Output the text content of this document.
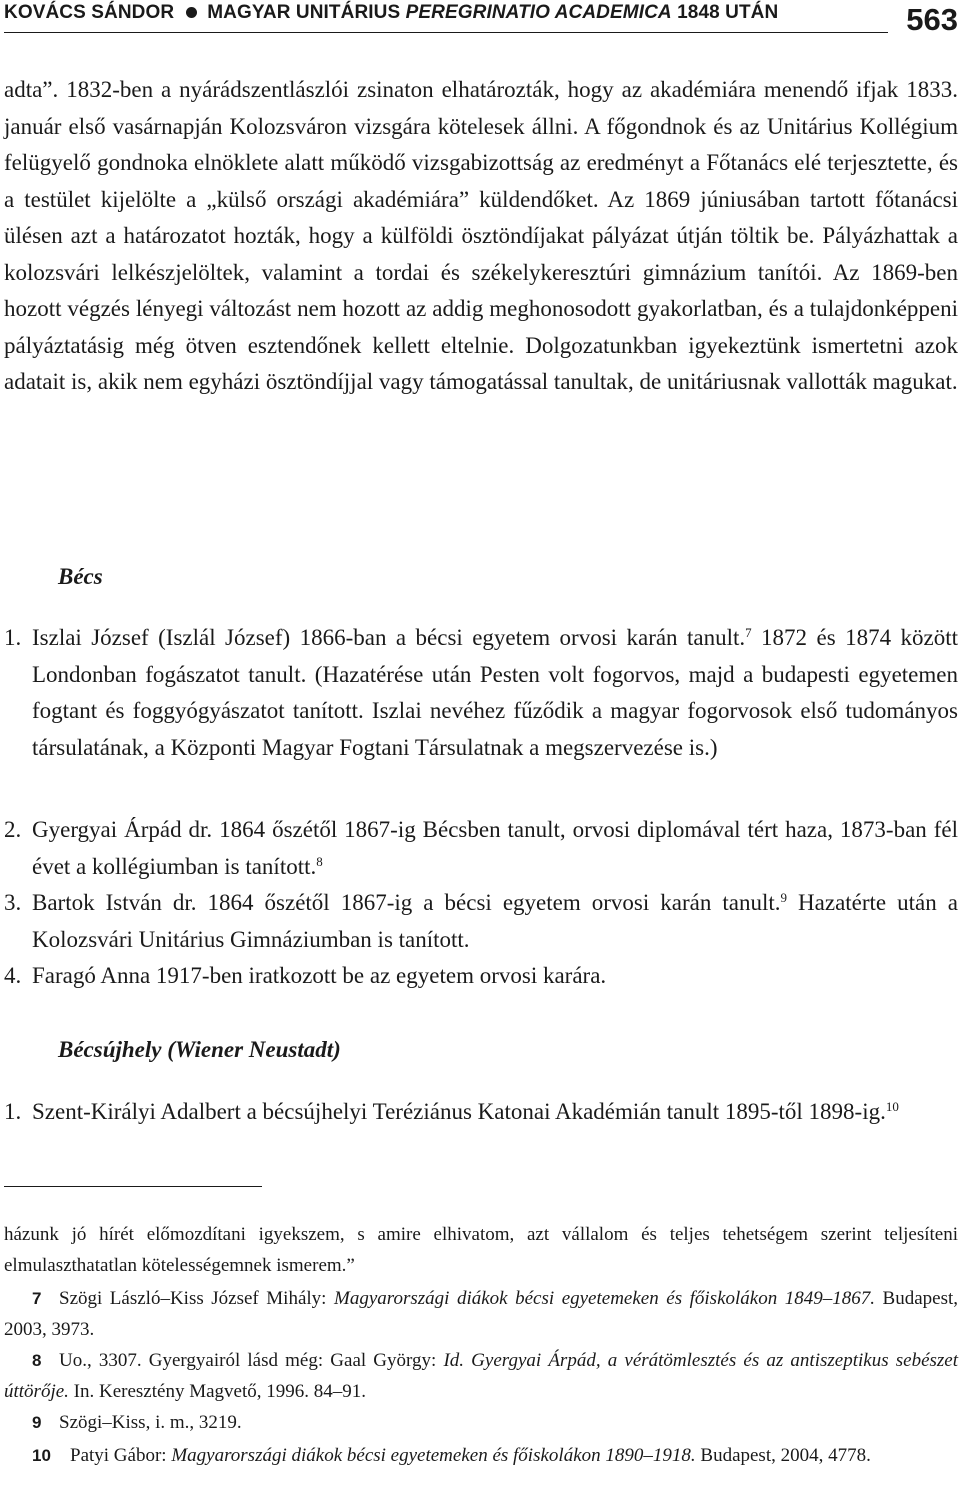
KOVÁCS SÁNDOR MAGYAR UNITÁRIUS PEREGRINATIO ACADEMICA 1848 UTÁN	563

adta”. 1832-ben a nyárádszentlászlói zsinaton elhatározták, hogy az akadémiára menendő ifjak 1833. január első vasárnapján Kolozsváron vizsgára kötelesek állni. A főgondnok és az Unitárius Kollégium felügyelő gondnoka elnöklete alatt működő vizsgabizottság az eredményt a Főtanács elé terjesztette, és a testület kijelölte a „külső országi akadémiára” küldendőket. Az 1869 júniusában tartott főtanácsi ülésen azt a határozatot hozták, hogy a külföldi ösztöndíjakat pályázat útján töltik be. Pályázhattak a kolozsvári lelkészjelöltek, valamint a tordai és székelykeresztúri gimnázium tanítói. Az 1869-ben hozott végzés lényegi változást nem hozott az addig meghonosodott gyakorlatban, és a tulajdonképpeni pályáztatásig még ötven esztendőnek kellett eltelnie. Dolgozatunkban igyekeztünk ismertetni azok adatait is, akik nem egyházi ösztöndíjjal vagy támogatással tanultak, de unitáriusnak vallották magukat.

Bécs

1. Iszlai József (Iszlál József) 1866-ban a bécsi egyetem orvosi karán tanult.$^7$ 1872 és 1874 között Londonban fogászatot tanult. (Hazatérése után Pesten volt fogorvos, majd a budapesti egyetemen fogtant és foggyógyászatot tanított. Iszlai nevéhez fűződik a magyar fogorvosok első tudományos társulatának, a Központi Magyar Fogtani Társulatnak a megszervezése is.)

2. Gyergyai Árpád dr. 1864 őszétől 1867-ig Bécsben tanult, orvosi diplomával tért haza, 1873-ban fél évet a kollégiumban is tanított.$^8$

3. Bartok István dr. 1864 őszétől 1867-ig a bécsi egyetem orvosi karán tanult.$^9$ Hazatérte után a Kolozsvári Unitárius Gimnáziumban is tanított.

4. Faragó Anna 1917-ben iratkozott be az egyetem orvosi karára.

Bécsújhely (Wiener Neustadt)

1. Szent-Királyi Adalbert a bécsújhelyi Teréziánus Katonai Akadémián tanult 1895-től 1898-ig.$^{10}$

házunk jó hírét előmozdítani igyekszem, s amire elhivatom, azt vállalom és teljes tehetségem szerint teljesíteni elmulaszthatatlan kötelességemnek ismerem.”

7 Szögi László–Kiss József Mihály: Magyarországi diákok bécsi egyetemeken és főiskolákon 1849–1867. Budapest, 2003, 3973.

8 Uo., 3307. Gyergyairól lásd még: Gaal György: Id. Gyergyai Árpád, a vérátömlesztés és az antiszeptikus sebészet úttörője. In. Keresztény Magvető, 1996. 84–91.

9 Szögi–Kiss, i. m., 3219.

10 Patyi Gábor: Magyarországi diákok bécsi egyetemeken és főiskolákon 1890–1918. Budapest, 2004, 4778.
